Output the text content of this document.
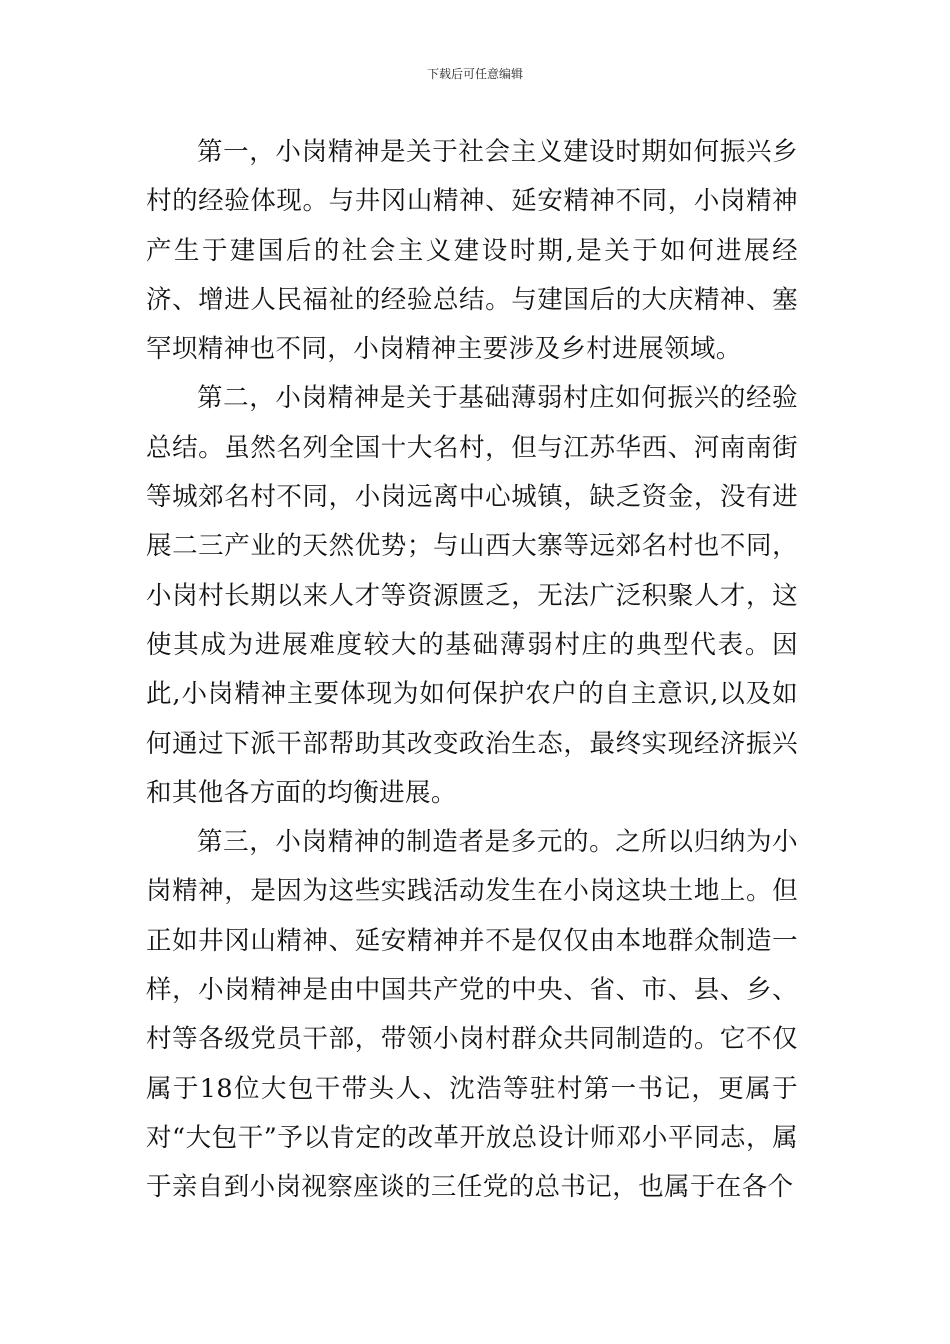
下载后可任意编辑

第一，小岗精神是关于社会主义建设时期如何振兴乡村的经验体现。与井冈山精神、延安精神不同，小岗精神产生于建国后的社会主义建设时期,是关于如何进展经济、增进人民福祉的经验总结。与建国后的大庆精神、塞罕坝精神也不同，小岗精神主要涉及乡村进展领域。

第二，小岗精神是关于基础薄弱村庄如何振兴的经验总结。虽然名列全国十大名村，但与江苏华西、河南南街等城郊名村不同，小岗远离中心城镇，缺乏资金，没有进展二三产业的天然优势；与山西大寨等远郊名村也不同，小岗村长期以来人才等资源匮乏，无法广泛积聚人才，这使其成为进展难度较大的基础薄弱村庄的典型代表。因此,小岗精神主要体现为如何保护农户的自主意识,以及如何通过下派干部帮助其改变政治生态，最终实现经济振兴和其他各方面的均衡进展。

第三，小岗精神的制造者是多元的。之所以归纳为小岗精神，是因为这些实践活动发生在小岗这块土地上。但正如井冈山精神、延安精神并不是仅仅由本地群众制造一样，小岗精神是由中国共产党的中央、省、市、县、乡、村等各级党员干部，带领小岗村群众共同制造的。它不仅属于18位大包干带头人、沈浩等驻村第一书记，更属于对“大包干”予以肯定的改革开放总设计师邓小平同志，属于亲自到小岗视察座谈的三任党的总书记，也属于在各个
